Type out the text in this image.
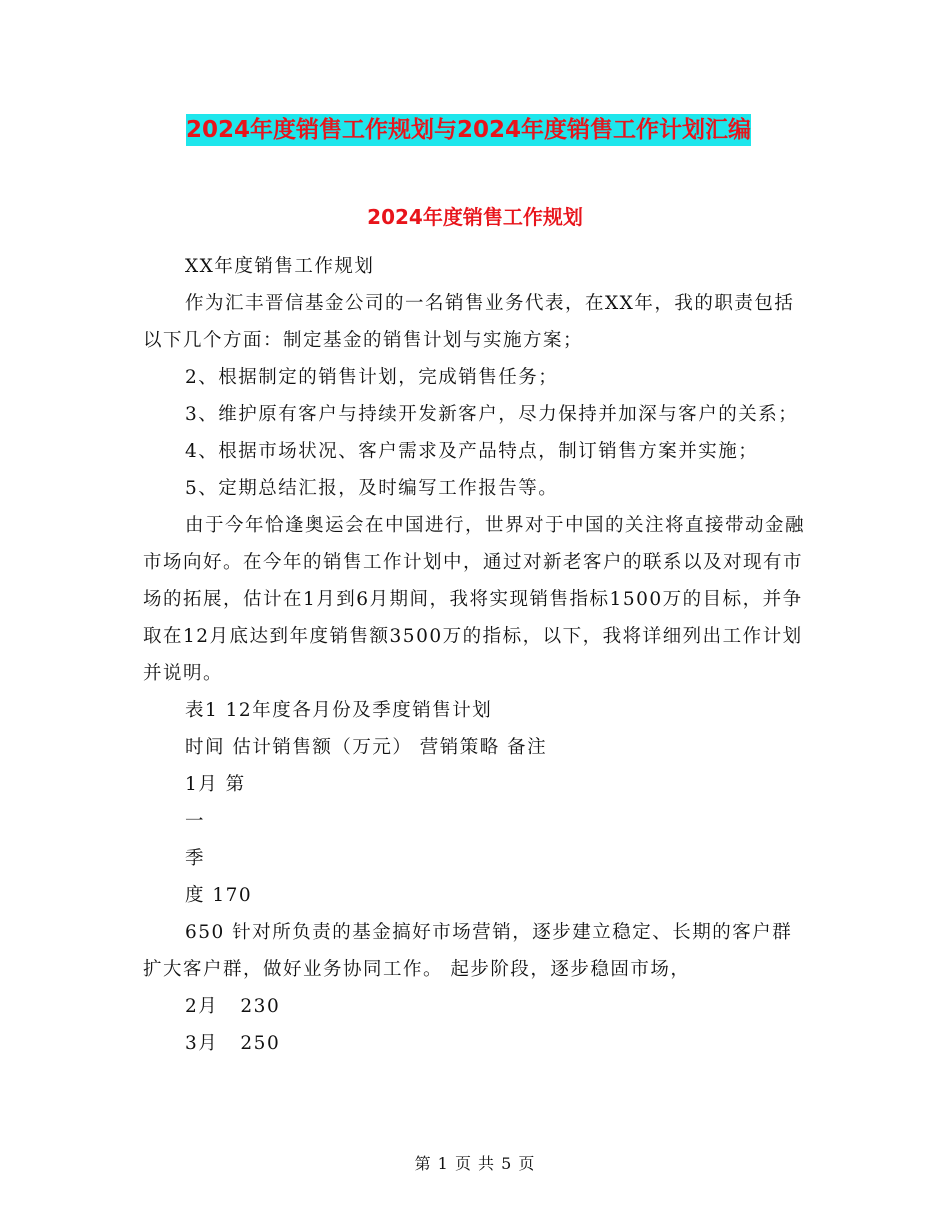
2024年度销售工作规划与2024年度销售工作计划汇编
2024年度销售工作规划

XX年度销售工作规划

作为汇丰晋信基金公司的一名销售业务代表，在XX年，我的职责包括以下几个方面：制定基金的销售计划与实施方案；

2、根据制定的销售计划，完成销售任务；

3、维护原有客户与持续开发新客户，尽力保持并加深与客户的关系；

4、根据市场状况、客户需求及产品特点，制订销售方案并实施；

5、定期总结汇报，及时编写工作报告等。

由于今年恰逢奥运会在中国进行，世界对于中国的关注将直接带动金融市场向好。在今年的销售工作计划中，通过对新老客户的联系以及对现有市场的拓展，估计在1月到6月期间，我将实现销售指标1500万的目标，并争取在12月底达到年度销售额3500万的指标，以下，我将详细列出工作计划并说明。

表1 12年度各月份及季度销售计划

时间 估计销售额（万元） 营销策略 备注

1月 第

一

季

度 170

650 针对所负责的基金搞好市场营销，逐步建立稳定、长期的客户群扩大客户群，做好业务协同工作。 起步阶段，逐步稳固市场，

2月   230

3月   250

第 1 页 共 5 页
